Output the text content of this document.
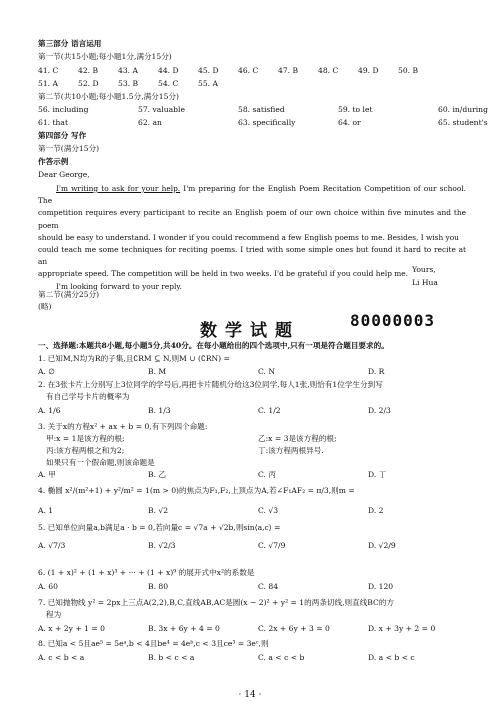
第三部分 语言运用
第一节(共15小题;每小题1分,满分15分)
41. C	42. B	43. A	44. D	45. D	46. C	47. B	48. C	49. D	50. B
51. A	52. D	53. B	54. C	55. A
第二节(共10小题;每小题1.5分,满分15分)
56. including	57. valuable	58. satisfied	59. to let	60. in/during
61. that	62. an	63. specifically	64. or	65. student's
第四部分 写作
第一节(满分15分)
作答示例
Dear George,
I'm writing to ask for your help. I'm preparing for the English Poem Recitation Competition of our school. The
competition requires every participant to recite an English poem of our own choice within five minutes and the poem
should be easy to understand. I wonder if you could recommend a few English poems to me. Besides, I wish you
could teach me some techniques for reciting poems. I tried with some simple ones but found it hard to recite at an
appropriate speed. The competition will be held in two weeks. I'd be grateful if you could help me.
I'm looking forward to your reply.
Yours,
Li Hua
第二节(满分25分)
(略)
数学试题
80000003
一、选择题:本题共8小题,每小题5分,共40分。在每小题给出的四个选项中,只有一项是符合题目要求的。
1. 已知M,N均为R的子集,且∁RM ⊆ N,则M ∪ (∁RN) =
A. ∅	B. M	C. N	D. R
2. 在3张卡片上分别写上3位同学的学号后,再把卡片随机分给这3位同学,每人1张,则恰有1位学生分到写
有自己学号卡片的概率为
A. 1/6	B. 1/3	C. 1/2	D. 2/3
3. 关于x的方程x² + ax + b = 0,有下列四个命题:
甲:x = 1是该方程的根;	乙:x = 3是该方程的根;
丙:该方程两根之和为2;	丁:该方程两根异号.
如果只有一个假命题,则该命题是
A. 甲	B. 乙	C. 丙	D. 丁
4. 椭圆 x²/(m²+1) + y²/m² = 1(m > 0)的焦点为F₁,F₂,上顶点为A,若∠F₁AF₂ = π/3,则m =
A. 1	B. √2	C. √3	D. 2
5. 已知单位向量a,b满足a · b = 0,若向量c = √7a + √2b,则sin⟨a,c⟩ =
A. √7/3	B. √2/3	C. √7/9	D. √2/9
6. (1 + x)² + (1 + x)³ + ··· + (1 + x)⁹ 的展开式中x²的系数是
A. 60	B. 80	C. 84	D. 120
7. 已知抛物线 y² = 2px上三点A(2,2),B,C,直线AB,AC是圆(x − 2)² + y² = 1的两条切线,则直线BC的方
程为
A. x + 2y + 1 = 0	B. 3x + 6y + 4 = 0	C. 2x + 6y + 3 = 0	D. x + 3y + 2 = 0
8. 已知a < 5且ae⁵ = 5eᵃ,b < 4且be⁴ = 4eᵇ,c < 3且ce³ = 3eᶜ,则
A. c < b < a	B. b < c < a	C. a < c < b	D. a < b < c
· 14 ·
